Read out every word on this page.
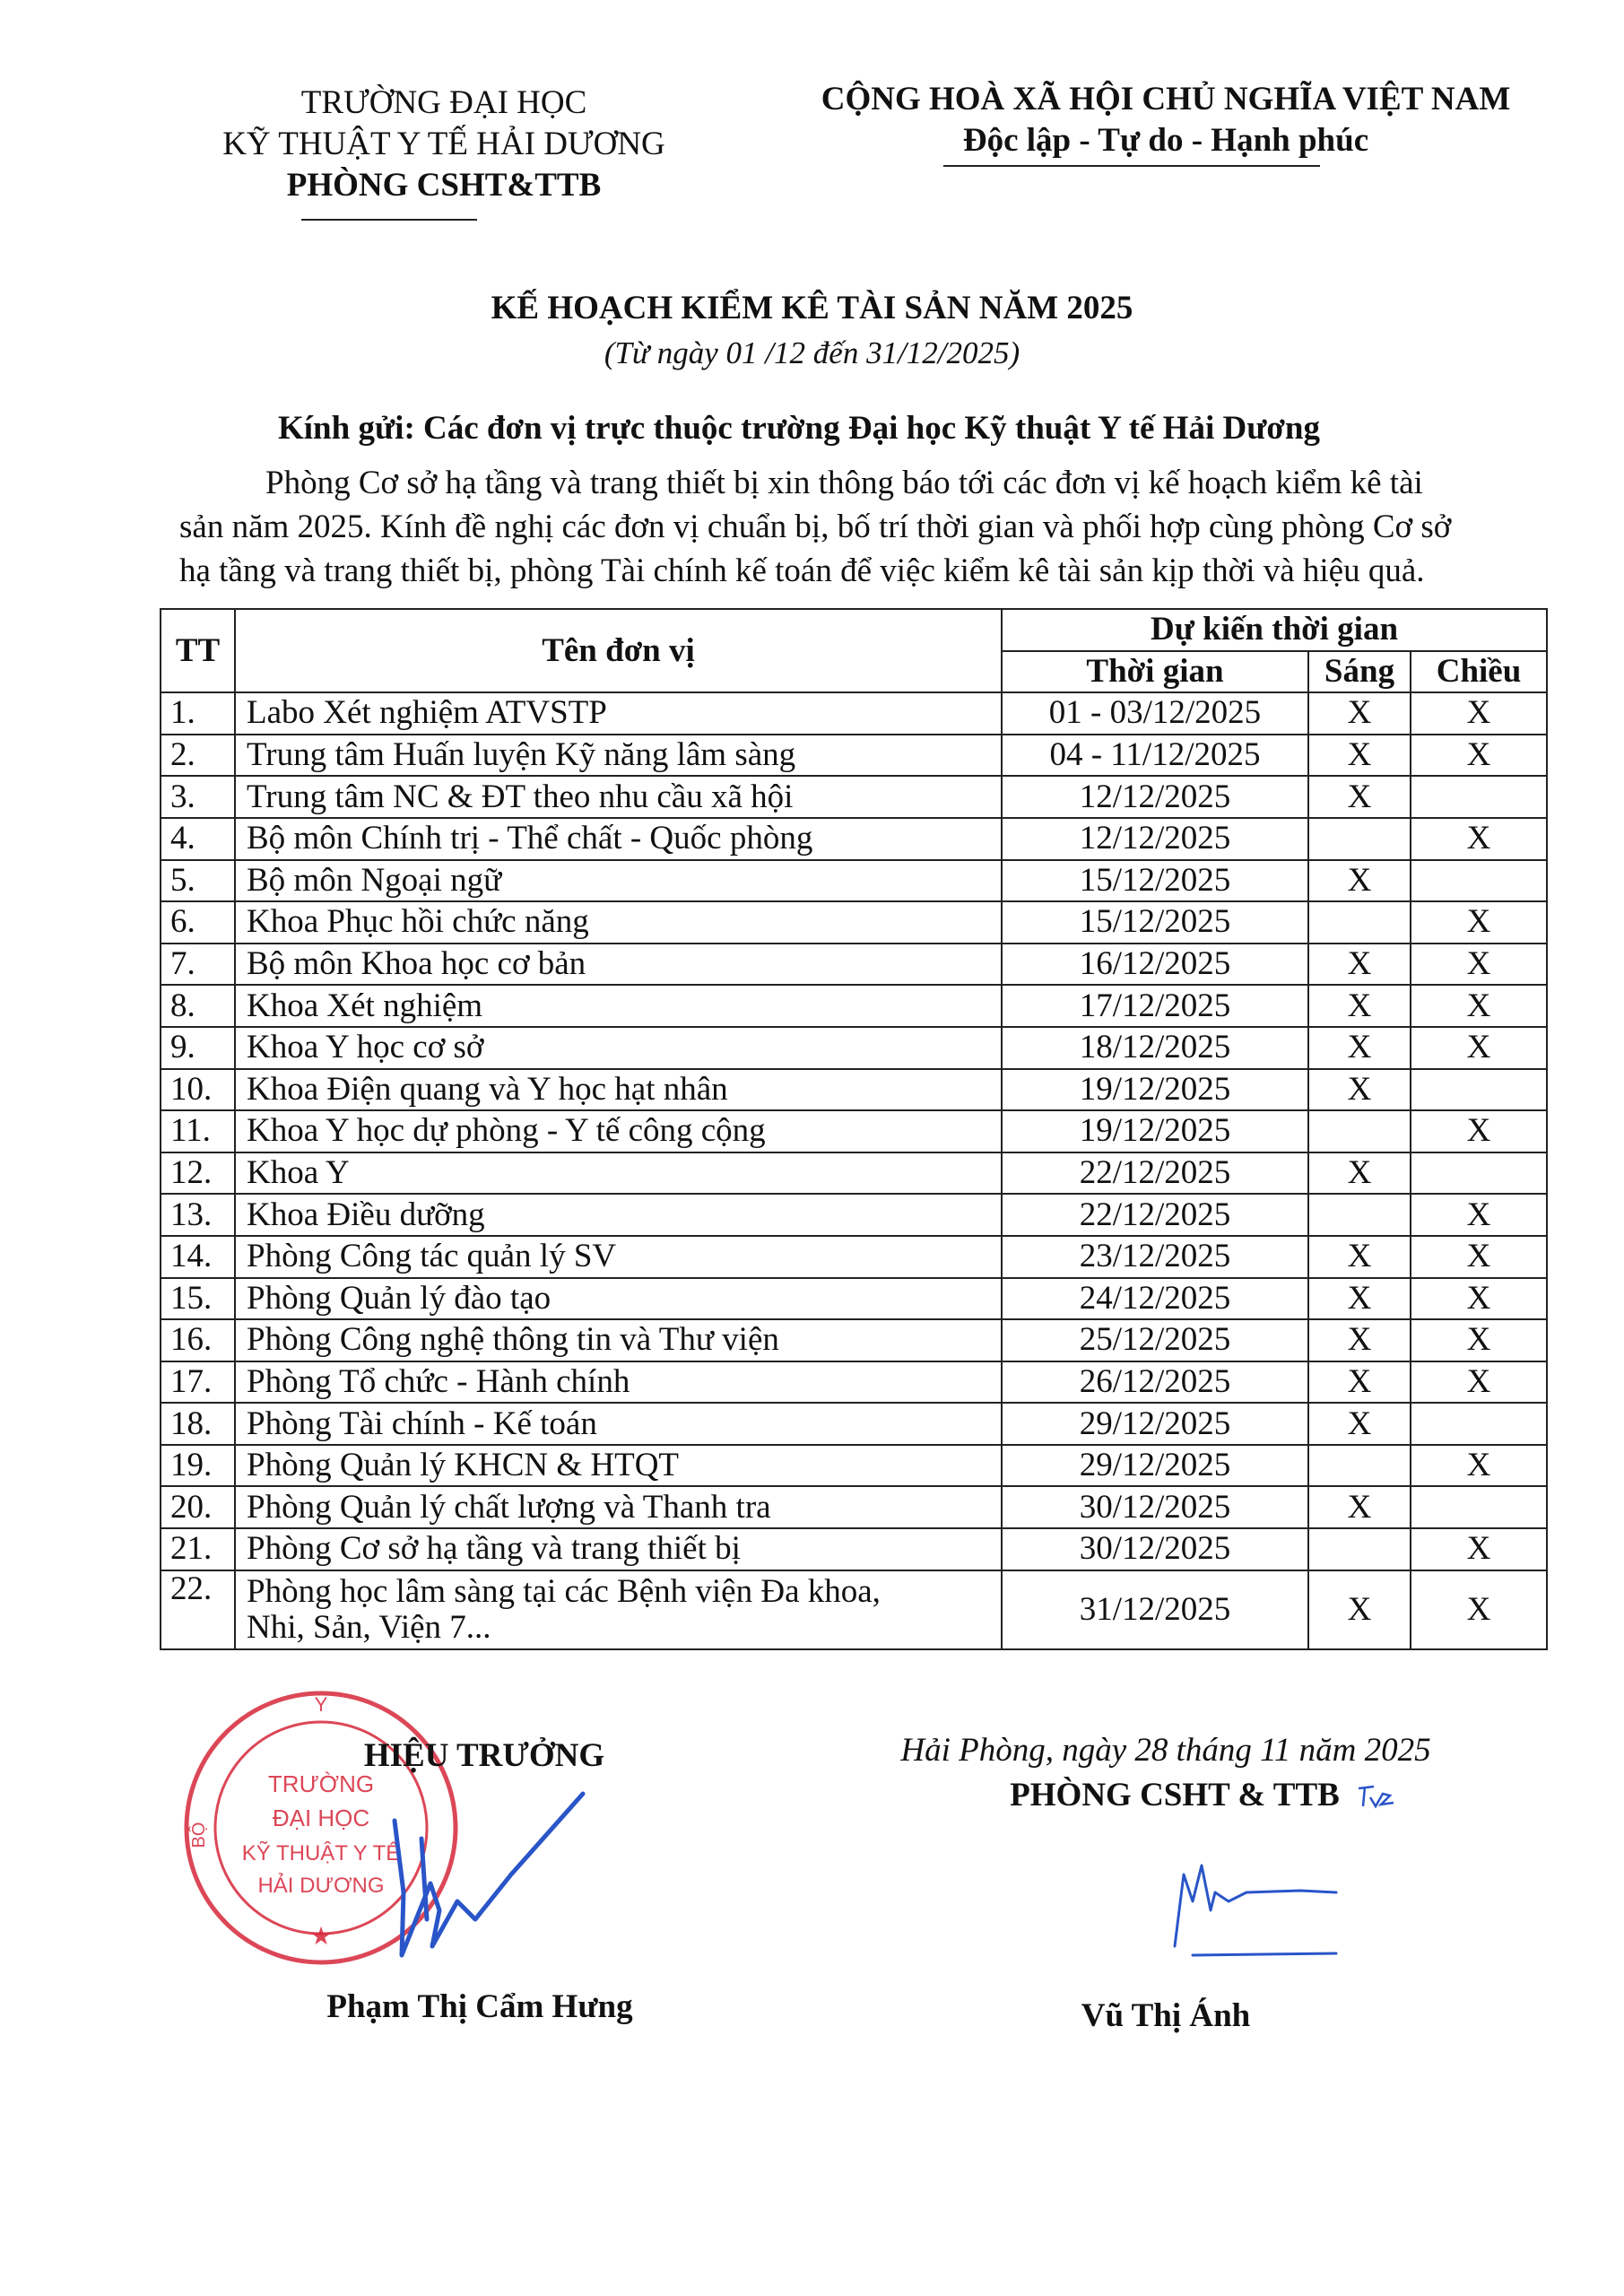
TRƯỜNG ĐẠI HỌC
KỸ THUẬT Y TẾ HẢI DƯƠNG
PHÒNG CSHT&TTB
CỘNG HOÀ XÃ HỘI CHỦ NGHĨA VIỆT NAM
Độc lập - Tự do - Hạnh phúc
KẾ HOẠCH KIỂM KÊ TÀI SẢN NĂM 2025
(Từ ngày 01 /12 đến 31/12/2025)
Kính gửi: Các đơn vị trực thuộc trường Đại học Kỹ thuật Y tế Hải Dương
Phòng Cơ sở hạ tầng và trang thiết bị xin thông báo tới các đơn vị kế hoạch kiểm kê tài
sản năm 2025. Kính đề nghị các đơn vị chuẩn bị, bố trí thời gian và phối hợp cùng phòng Cơ sở
hạ tầng và trang thiết bị, phòng Tài chính kế toán để việc kiểm kê tài sản kịp thời và hiệu quả.
TT	Tên đơn vị	Dự kiến thời gian		
		Thời gian	Sáng	Chiều
1.	Labo Xét nghiệm ATVSTP	01 - 03/12/2025	X	X
2.	Trung tâm Huấn luyện Kỹ năng lâm sàng	04 - 11/12/2025	X	X
3.	Trung tâm NC & ĐT theo nhu cầu xã hội	12/12/2025	X	
4.	Bộ môn Chính trị - Thể chất - Quốc phòng	12/12/2025		X
5.	Bộ môn Ngoại ngữ	15/12/2025	X	
6.	Khoa Phục hồi chức năng	15/12/2025		X
7.	Bộ môn Khoa học cơ bản	16/12/2025	X	X
8.	Khoa Xét nghiệm	17/12/2025	X	X
9.	Khoa Y học cơ sở	18/12/2025	X	X
10.	Khoa Điện quang và Y học hạt nhân	19/12/2025	X	
11.	Khoa Y học dự phòng - Y tế công cộng	19/12/2025		X
12.	Khoa Y	22/12/2025	X	
13.	Khoa Điều dưỡng	22/12/2025		X
14.	Phòng Công tác quản lý SV	23/12/2025	X	X
15.	Phòng Quản lý đào tạo	24/12/2025	X	X
16.	Phòng Công nghệ thông tin và Thư viện	25/12/2025	X	X
17.	Phòng Tổ chức - Hành chính	26/12/2025	X	X
18.	Phòng Tài chính - Kế toán	29/12/2025	X	
19.	Phòng Quản lý KHCN & HTQT	29/12/2025		X
20.	Phòng Quản lý chất lượng và Thanh tra	30/12/2025	X	
21.	Phòng Cơ sở hạ tầng và trang thiết bị	30/12/2025		X
22.	Phòng học lâm sàng tại các Bệnh viện Đa khoa,
Nhi, Sản, Viện 7...	31/12/2025	X	X
Y
BỘ
TRƯỜNG
ĐẠI HỌC
KỸ THUẬT Y TẾ
HẢI DƯƠNG
★
HIỆU TRƯỞNG	Hải Phòng, ngày 28 tháng 11 năm 2025
PHÒNG CSHT & TTB
Phạm Thị Cẩm Hưng	Vũ Thị Ánh
